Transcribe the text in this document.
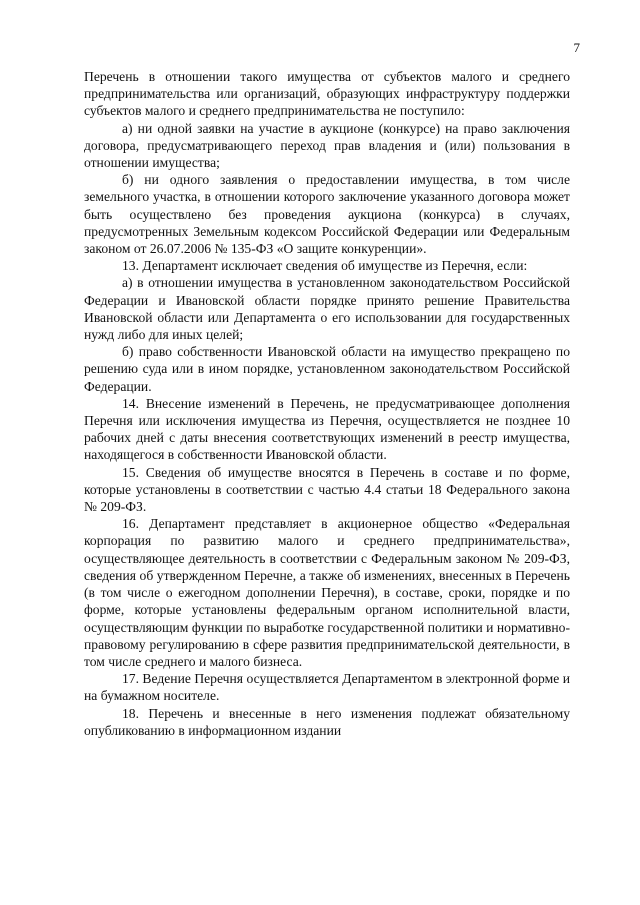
7

Перечень в отношении такого имущества от субъектов малого и среднего предпринимательства или организаций, образующих инфраструктуру поддержки субъектов малого и среднего предпринимательства не поступило:

а) ни одной заявки на участие в аукционе (конкурсе) на право заключения договора, предусматривающего переход прав владения и (или) пользования в отношении имущества;

б) ни одного заявления о предоставлении имущества, в том числе земельного участка, в отношении которого заключение указанного договора может быть осуществлено без проведения аукциона (конкурса) в случаях, предусмотренных Земельным кодексом Российской Федерации или Федеральным законом от 26.07.2006 № 135-ФЗ «О защите конкуренции».

13. Департамент исключает сведения об имуществе из Перечня, если:

а) в отношении имущества в установленном законодательством Российской Федерации и Ивановской области порядке принято решение Правительства Ивановской области или Департамента о его использовании для государственных нужд либо для иных целей;

б) право собственности Ивановской области на имущество прекращено по решению суда или в ином порядке, установленном законодательством Российской Федерации.

14. Внесение изменений в Перечень, не предусматривающее дополнения Перечня или исключения имущества из Перечня, осуществляется не позднее 10 рабочих дней с даты внесения соответствующих изменений в реестр имущества, находящегося в собственности Ивановской области.

15. Сведения об имуществе вносятся в Перечень в составе и по форме, которые установлены в соответствии с частью 4.4 статьи 18 Федерального закона № 209-ФЗ.

16. Департамент представляет в акционерное общество «Федеральная корпорация по развитию малого и среднего предпринимательства», осуществляющее деятельность в соответствии с Федеральным законом № 209-ФЗ, сведения об утвержденном Перечне, а также об изменениях, внесенных в Перечень (в том числе о ежегодном дополнении Перечня), в составе, сроки, порядке и по форме, которые установлены федеральным органом исполнительной власти, осуществляющим функции по выработке государственной политики и нормативно-правовому регулированию в сфере развития предпринимательской деятельности, в том числе среднего и малого бизнеса.

17. Ведение Перечня осуществляется Департаментом в электронной форме и на бумажном носителе.

18. Перечень и внесенные в него изменения подлежат обязательному опубликованию в информационном издании
